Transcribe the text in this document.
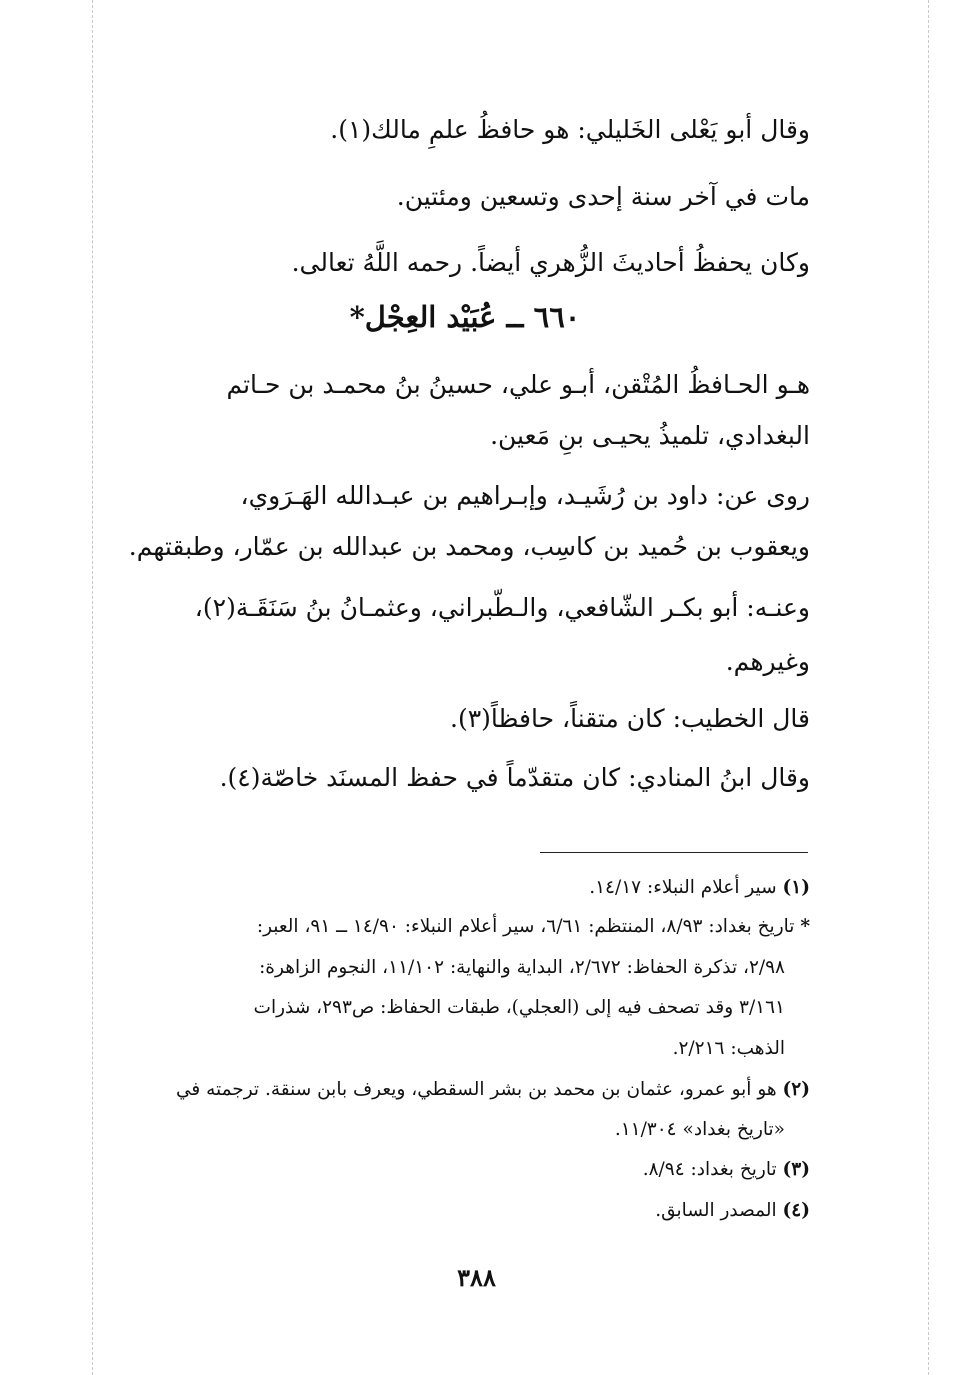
وقال أبو يَعْلى الخَليلي: هو حافظُ علمِ مالك(١).
مات في آخر سنة إحدى وتسعين ومئتين.
وكان يحفظُ أحاديثَ الزُّهري أيضاً. رحمه اللَّهُ تعالى.
٦٦٠ ــ عُبَيْد العِجْل*
هـو الحـافظُ المُتْقن، أبـو علي، حسينُ بنُ محمـد بن حـاتم
البغدادي، تلميذُ يحيـى بنِ مَعين.
روى عن: داود بن رُشَيـد، وإبـراهيم بن عبـدالله الهَـرَوي،
ويعقوب بن حُميد بن كاسِب، ومحمد بن عبدالله بن عمّار، وطبقتهم.
وعنـه: أبو بكـر الشّافعي، والـطّبراني، وعثمـانُ بنُ سَنَقَـة(٢)،
وغيرهم.
قال الخطيب: كان متقناً، حافظاً(٣).
وقال ابنُ المنادي: كان متقدّماً في حفظ المسنَد خاصّة(٤).
(١) سير أعلام النبلاء: ١٤/١٧.
* تاريخ بغداد: ٨/٩٣، المنتظم: ٦/٦١، سير أعلام النبلاء: ١٤/٩٠ ــ ٩١، العبر:
٢/٩٨، تذكرة الحفاظ: ٢/٦٧٢، البداية والنهاية: ١١/١٠٢، النجوم الزاهرة:
٣/١٦١ وقد تصحف فيه إلى (العجلي)، طبقات الحفاظ: ص٢٩٣، شذرات
الذهب: ٢/٢١٦.
(٢) هو أبو عمرو، عثمان بن محمد بن بشر السقطي، ويعرف بابن سنقة. ترجمته في
«تاريخ بغداد» ١١/٣٠٤.
(٣) تاريخ بغداد: ٨/٩٤.
(٤) المصدر السابق.
٣٨٨
